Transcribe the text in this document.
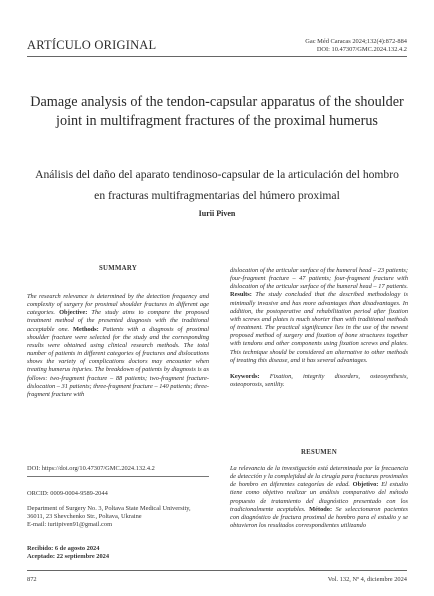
ARTÍCULO ORIGINAL	Gac Méd Caracas 2024;132(4):872-884
DOI: 10.47307/GMC.2024.132.4.2
Damage analysis of the tendon-capsular apparatus of the shoulder joint in multifragment fractures of the proximal humerus
Análisis del daño del aparato tendinoso-capsular de la articulación del hombro en fracturas multifragmentarias del húmero proximal
Iurii Piven
SUMMARY
The research relevance is determined by the detection frequency and complexity of surgery for proximal shoulder fractures in different age categories. Objective: The study aims to compare the proposed treatment method of the presented diagnosis with the traditional acceptable one. Methods: Patients with a diagnosis of proximal shoulder fracture were selected for the study and the corresponding results were obtained using clinical research methods. The total number of patients in different categories of fractures and dislocations shows the variety of complications doctors may encounter when treating humerus injuries. The breakdown of patients by diagnosis is as follows: two-fragment fracture – 88 patients; two-fragment fracture-dislocation – 31 patients; three-fragment fracture – 140 patients; three-fragment fracture with
dislocation of the articular surface of the humeral head – 23 patients; four-fragment fracture – 47 patients; four-fragment fracture with dislocation of the articular surface of the humeral head – 17 patients. Results: The study concluded that the described methodology is minimally invasive and has more advantages than disadvantages. In addition, the postoperative and rehabilitation period after fixation with screws and plates is much shorter than with traditional methods of treatment. The practical significance lies in the use of the newest proposed method of surgery and fixation of bone structures together with tendons and other components using fixation screws and plates. This technique should be considered an alternative to other methods of treating this disease, and it has several advantages.

Keywords: Fixation, integrity disorders, osteosynthesis, osteoporosis, senility.
RESUMEN
La relevancia de la investigación está determinada por la frecuencia de detección y la complejidad de la cirugía para fracturas proximales de hombro en diferentes categorías de edad. Objetivo: El estudio tiene como objetivo realizar un análisis comparativo del método propuesto de tratamiento del diagnóstico presentado con los tradicionalmente aceptables. Método: Se seleccionaron pacientes con diagnóstico de fractura proximal de hombro para el estudio y se obtuvieron los resultados correspondientes utilizando
DOI: https://doi.org/10.47307/GMC.2024.132.4.2
ORCID: 0009-0004-9589-2044
Department of Surgery No. 3, Poltava State Medical University,
36011, 23 Shevchenko Str., Poltava, Ukraine
E-mail: iuriipiven91@gmail.com
Recibido: 6 de agosto 2024
Aceptado: 22 septiembre 2024
872	Vol. 132, Nº 4, diciembre 2024
